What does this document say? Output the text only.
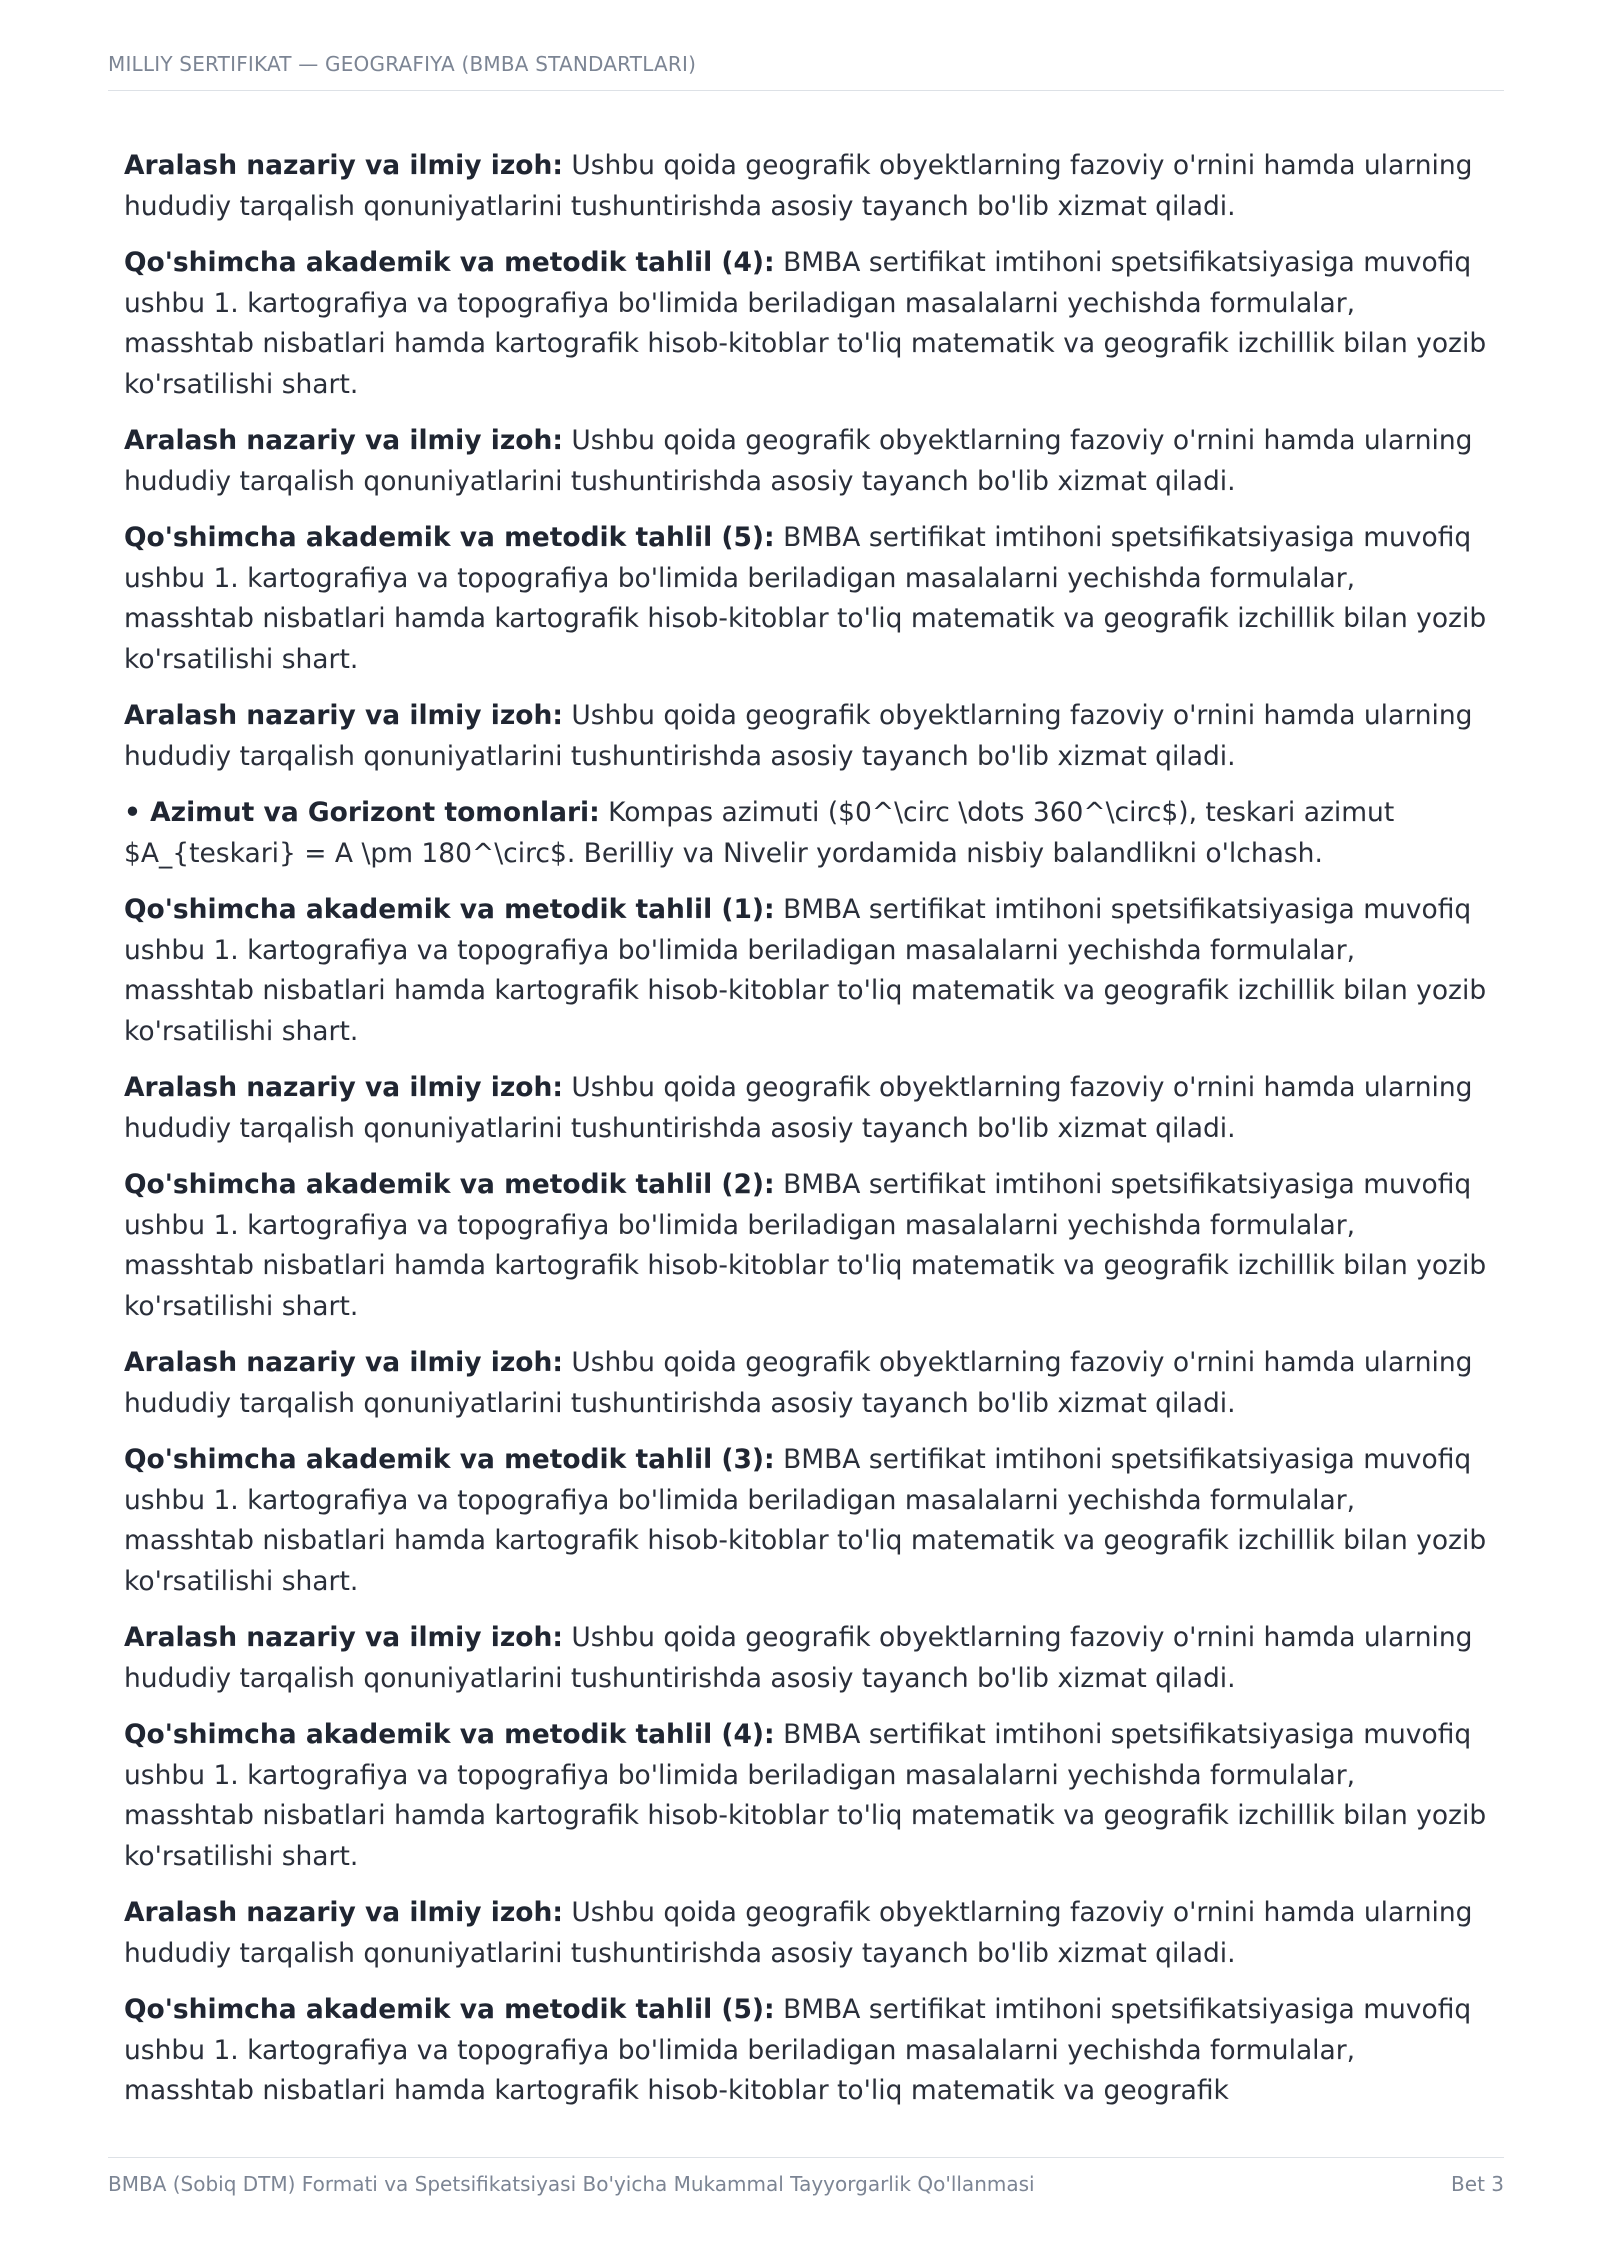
MILLIY SERTIFIKAT — GEOGRAFIYA (BMBA STANDARTLARI)

Aralash nazariy va ilmiy izoh: Ushbu qoida geografik obyektlarning fazoviy o'rnini hamda ularning hududiy tarqalish qonuniyatlarini tushuntirishda asosiy tayanch bo'lib xizmat qiladi.

Qo'shimcha akademik va metodik tahlil (4): BMBA sertifikat imtihoni spetsifikatsiyasiga muvofiq ushbu 1. kartografiya va topografiya bo'limida beriladigan masalalarni yechishda formulalar, masshtab nisbatlari hamda kartografik hisob-kitoblar to'liq matematik va geografik izchillik bilan yozib ko'rsatilishi shart.

Aralash nazariy va ilmiy izoh: Ushbu qoida geografik obyektlarning fazoviy o'rnini hamda ularning hududiy tarqalish qonuniyatlarini tushuntirishda asosiy tayanch bo'lib xizmat qiladi.

Qo'shimcha akademik va metodik tahlil (5): BMBA sertifikat imtihoni spetsifikatsiyasiga muvofiq ushbu 1. kartografiya va topografiya bo'limida beriladigan masalalarni yechishda formulalar, masshtab nisbatlari hamda kartografik hisob-kitoblar to'liq matematik va geografik izchillik bilan yozib ko'rsatilishi shart.

Aralash nazariy va ilmiy izoh: Ushbu qoida geografik obyektlarning fazoviy o'rnini hamda ularning hududiy tarqalish qonuniyatlarini tushuntirishda asosiy tayanch bo'lib xizmat qiladi.

• Azimut va Gorizont tomonlari: Kompas azimuti ($0^\circ \dots 360^\circ$), teskari azimut $A_{teskari} = A \pm 180^\circ$. Berilliy va Nivelir yordamida nisbiy balandlikni o'lchash.

Qo'shimcha akademik va metodik tahlil (1): BMBA sertifikat imtihoni spetsifikatsiyasiga muvofiq ushbu 1. kartografiya va topografiya bo'limida beriladigan masalalarni yechishda formulalar, masshtab nisbatlari hamda kartografik hisob-kitoblar to'liq matematik va geografik izchillik bilan yozib ko'rsatilishi shart.

Aralash nazariy va ilmiy izoh: Ushbu qoida geografik obyektlarning fazoviy o'rnini hamda ularning hududiy tarqalish qonuniyatlarini tushuntirishda asosiy tayanch bo'lib xizmat qiladi.

Qo'shimcha akademik va metodik tahlil (2): BMBA sertifikat imtihoni spetsifikatsiyasiga muvofiq ushbu 1. kartografiya va topografiya bo'limida beriladigan masalalarni yechishda formulalar, masshtab nisbatlari hamda kartografik hisob-kitoblar to'liq matematik va geografik izchillik bilan yozib ko'rsatilishi shart.

Aralash nazariy va ilmiy izoh: Ushbu qoida geografik obyektlarning fazoviy o'rnini hamda ularning hududiy tarqalish qonuniyatlarini tushuntirishda asosiy tayanch bo'lib xizmat qiladi.

Qo'shimcha akademik va metodik tahlil (3): BMBA sertifikat imtihoni spetsifikatsiyasiga muvofiq ushbu 1. kartografiya va topografiya bo'limida beriladigan masalalarni yechishda formulalar, masshtab nisbatlari hamda kartografik hisob-kitoblar to'liq matematik va geografik izchillik bilan yozib ko'rsatilishi shart.

Aralash nazariy va ilmiy izoh: Ushbu qoida geografik obyektlarning fazoviy o'rnini hamda ularning hududiy tarqalish qonuniyatlarini tushuntirishda asosiy tayanch bo'lib xizmat qiladi.

Qo'shimcha akademik va metodik tahlil (4): BMBA sertifikat imtihoni spetsifikatsiyasiga muvofiq ushbu 1. kartografiya va topografiya bo'limida beriladigan masalalarni yechishda formulalar, masshtab nisbatlari hamda kartografik hisob-kitoblar to'liq matematik va geografik izchillik bilan yozib ko'rsatilishi shart.

Aralash nazariy va ilmiy izoh: Ushbu qoida geografik obyektlarning fazoviy o'rnini hamda ularning hududiy tarqalish qonuniyatlarini tushuntirishda asosiy tayanch bo'lib xizmat qiladi.

Qo'shimcha akademik va metodik tahlil (5): BMBA sertifikat imtihoni spetsifikatsiyasiga muvofiq ushbu 1. kartografiya va topografiya bo'limida beriladigan masalalarni yechishda formulalar, masshtab nisbatlari hamda kartografik hisob-kitoblar to'liq matematik va geografik

BMBA (Sobiq DTM) Formati va Spetsifikatsiyasi Bo'yicha Mukammal Tayyorgarlik Qo'llanmasi	Bet 3
